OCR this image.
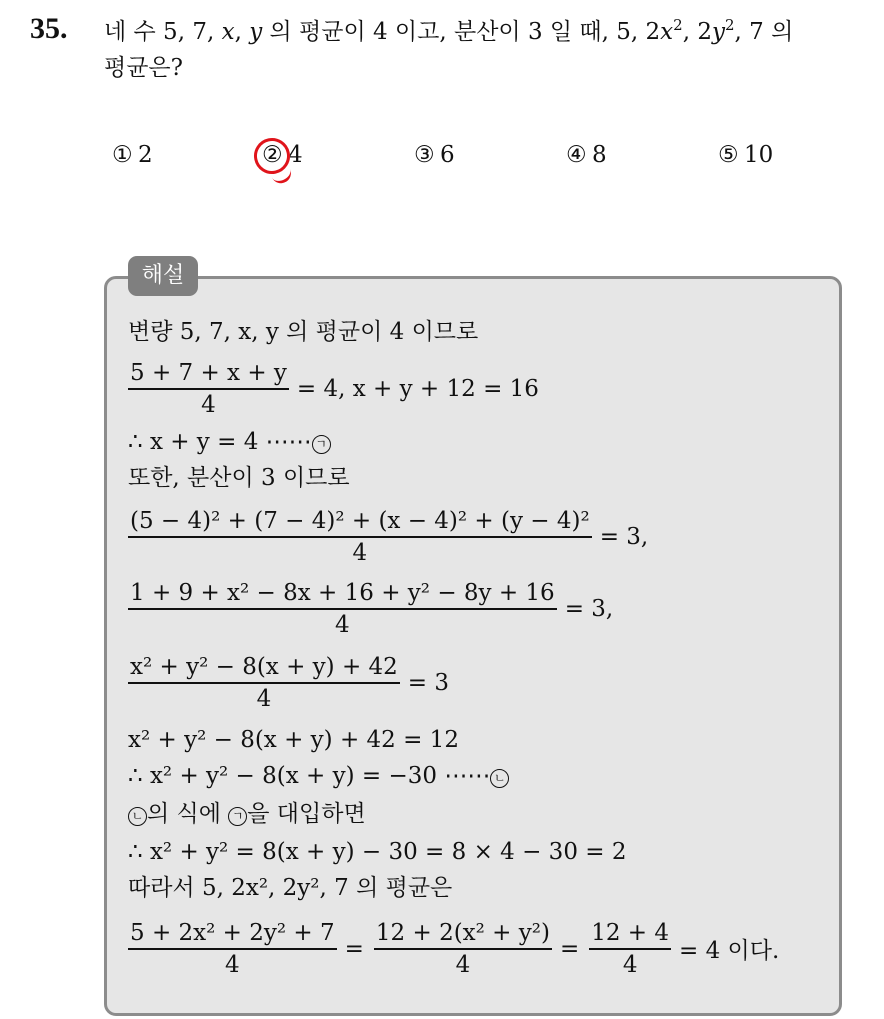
35. 네 수 5, 7, x, y 의 평균이 4 이고, 분산이 3 일 때, 5, $2x^2$, $2y^2$, 7 의
평균은?
① 2	② 4	③ 6	④ 8	⑤ 10
해설
변량 5, 7, x, y 의 평균이 4 이므로
$\frac{5 + 7 + x + y}{4} = 4$, x + y + 12 = 16
∴ x + y = 4 ⋯⋯ ㄱ
또한, 분산이 3 이므로
$\frac{\text{(5 − 4)² + (7 − 4)² + (x − 4)² + (y − 4)²}}{4} = 3$,
$\frac{\text{1 + 9 + x² − 8x + 16 + y² − 8y + 16}}{4} = 3$,
$\frac{\text{x² + y² − 8(x + y) + 42}}{4} = 3$
x² + y² − 8(x + y) + 42 = 12
∴ x² + y² − 8(x + y) = −30 ⋯⋯ ㄴ
ㄴ 의 식에 ㄱ 을 대입하면
∴ x² + y² = 8(x + y) − 30 = 8 × 4 − 30 = 2
따라서 5, 2x², 2y², 7 의 평균은
$\frac{\text{5 + 2x² + 2y² + 7}}{4} = \frac{\text{12 + 2(x² + y²)}}{4} = \frac{12 + 4}{4} = 4$ 이다.
